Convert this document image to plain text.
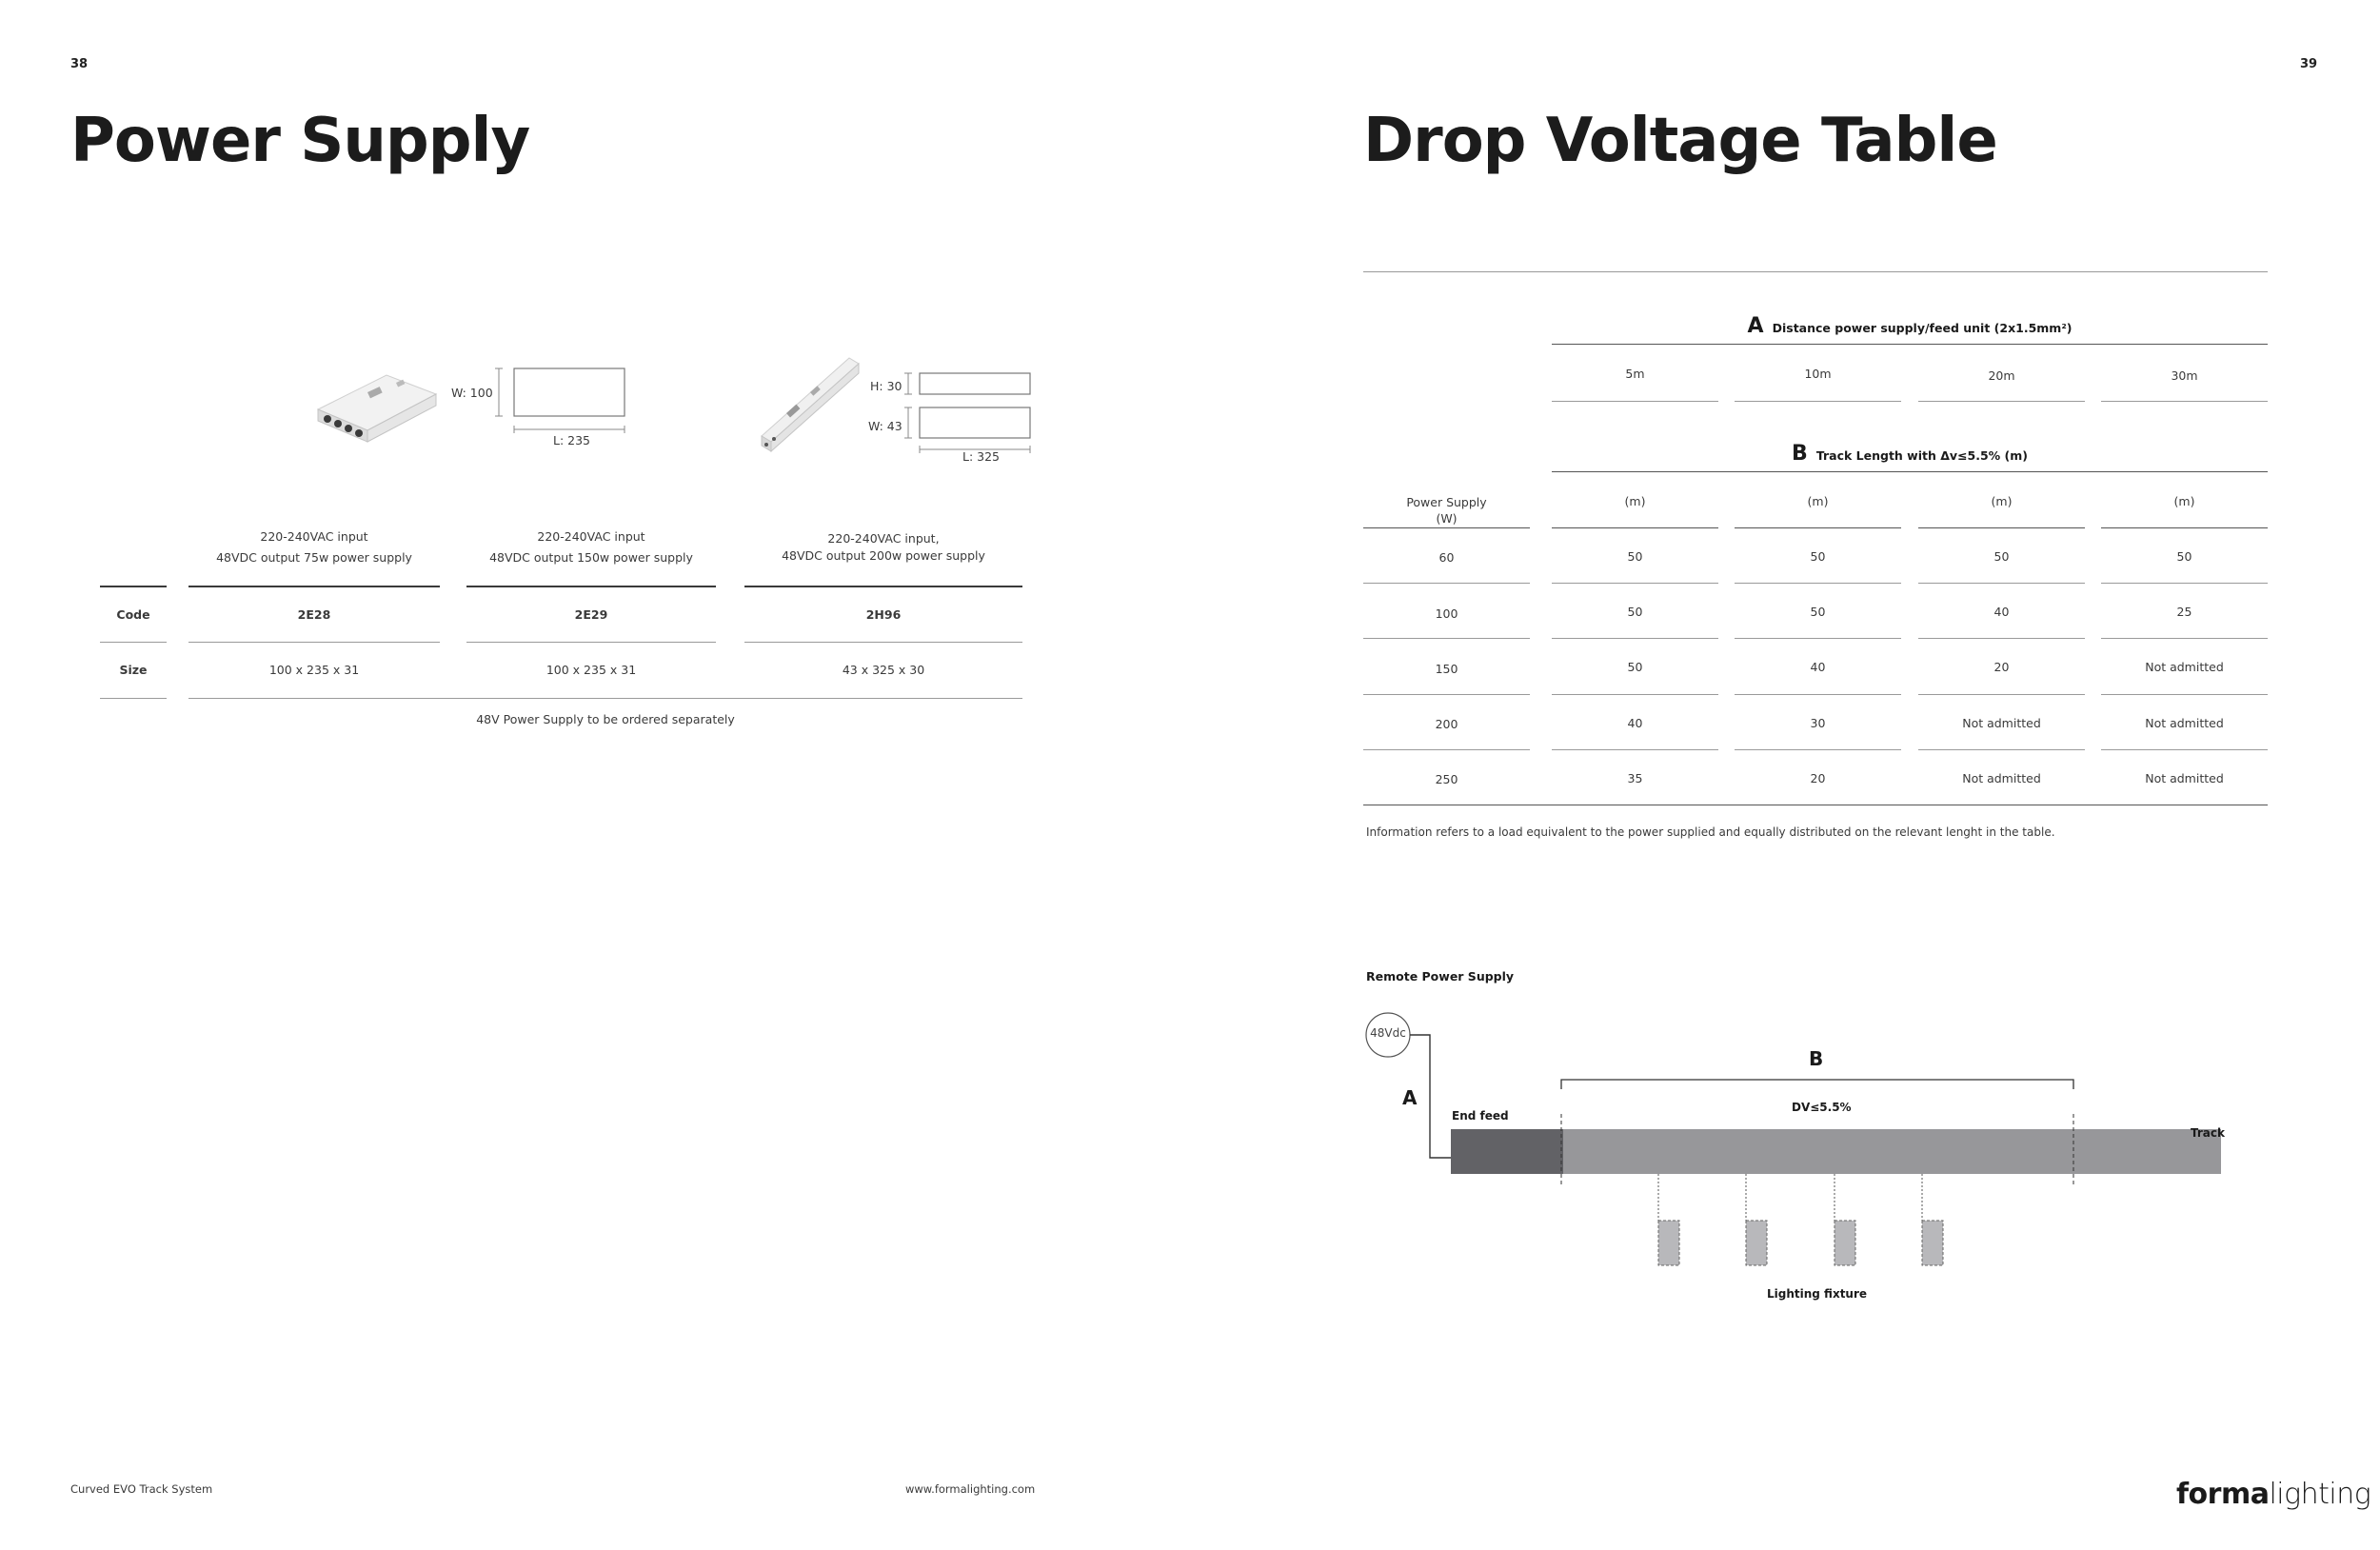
38
Power Supply
W: 100
L: 235
H: 30
W: 43
L: 325
220-240VAC input
48VDC output 75w power supply
220-240VAC input
48VDC output 150w power supply
220-240VAC input,
48VDC output 200w power supply
Code	2E28	2E29	2H96
Size	100 x 235 x 31	100 x 235 x 31	43 x 325 x 30
48V Power Supply to be ordered separately
Curved EVO Track System	www.formalighting.com
39
Drop Voltage Table
A Distance power supply/feed unit (2x1.5mm²)
5m	10m	20m	30m
B Track Length with Δv≤5.5% (m)
Power Supply
(W)
(m)	(m)	(m)	(m)
60	50	50	50	50
100	50	50	40	25
150	50	40	20	Not admitted
200	40	30	Not admitted	Not admitted
250	35	20	Not admitted	Not admitted
Information refers to a load equivalent to the power supplied and equally distributed on the relevant lenght in the table.
Remote Power Supply
48Vdc
A
B
End feed
DV≤5.5%
Track
Lighting fixture
formalighting
